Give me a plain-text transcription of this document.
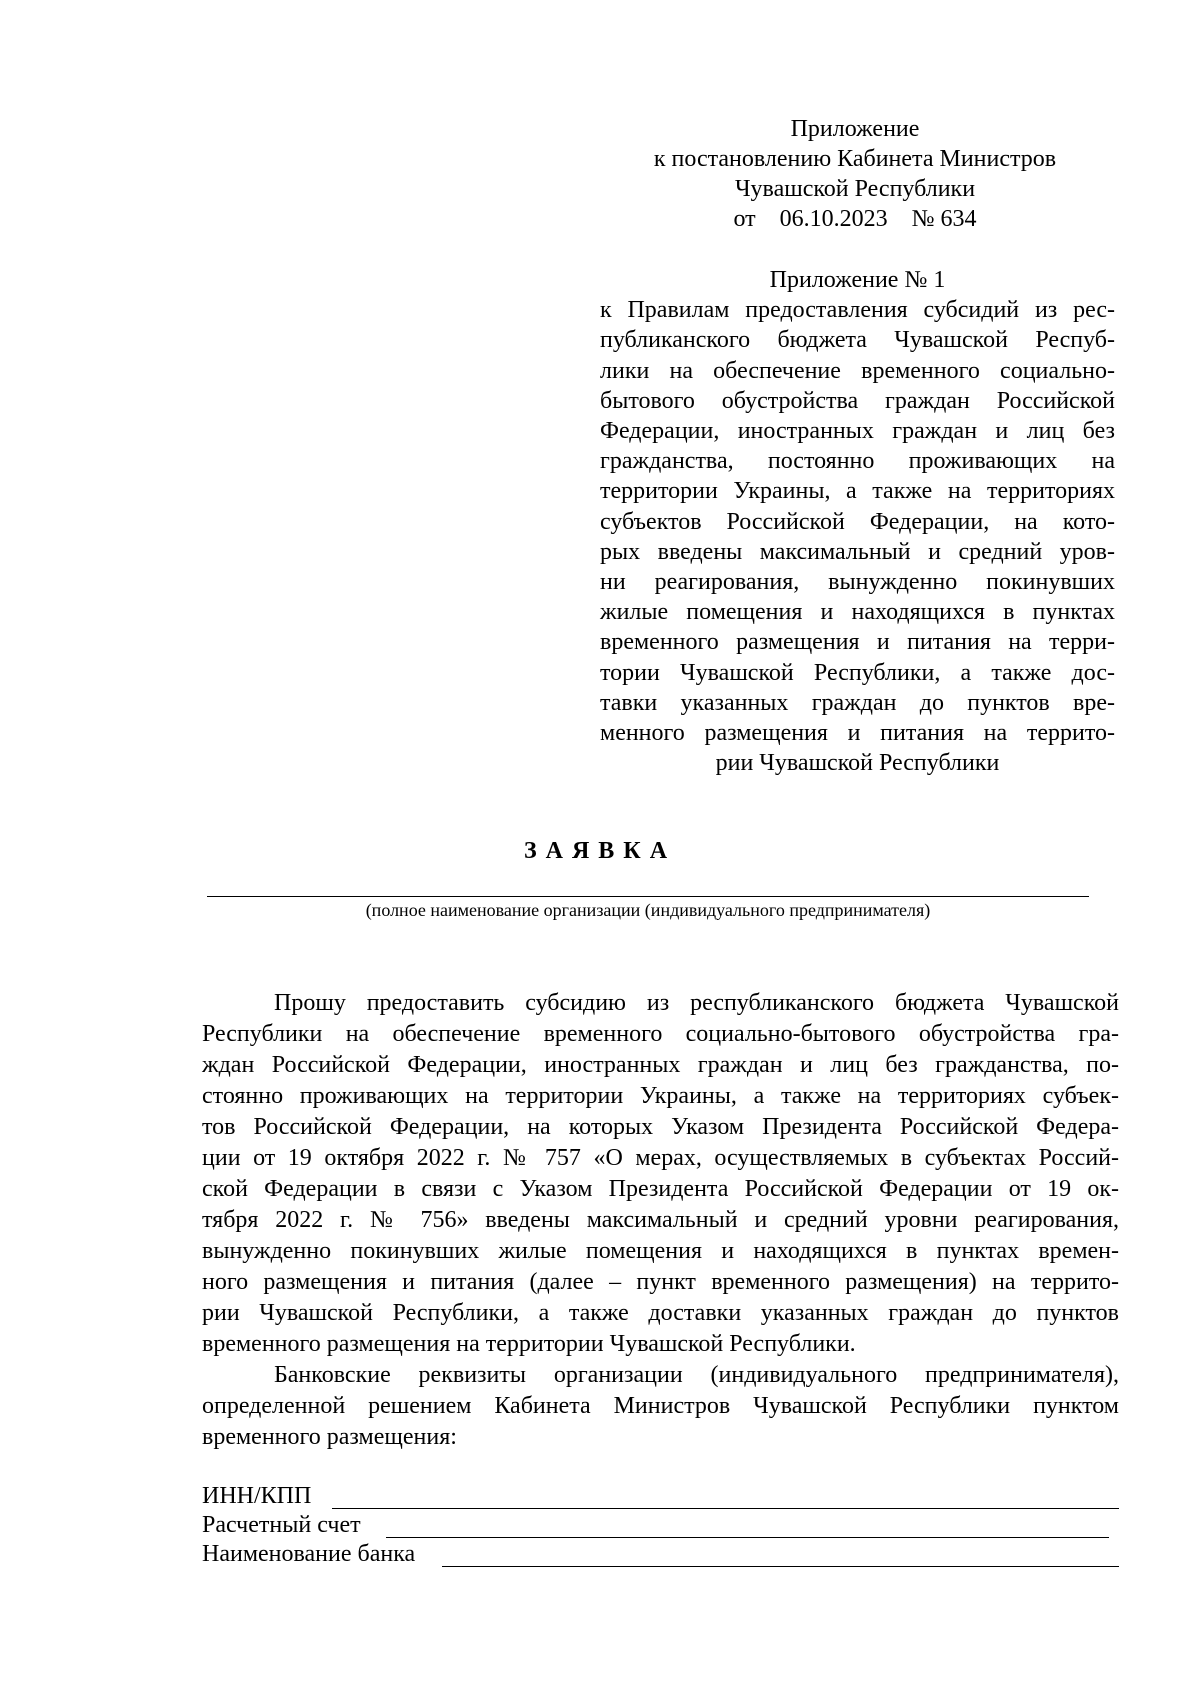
Приложение
к постановлению Кабинета Министров
Чувашской Республики
от 06.10.2023 № 634
Приложение № 1
к Правилам предоставления субсидий из рес-
публиканского бюджета Чувашской Респуб-
лики на обеспечение временного социально-
бытового обустройства граждан Российской
Федерации, иностранных граждан и лиц без
гражданства, постоянно проживающих на
территории Украины, а также на территориях
субъектов Российской Федерации, на кото-
рых введены максимальный и средний уров-
ни реагирования, вынужденно покинувших
жилые помещения и находящихся в пунктах
временного размещения и питания на терри-
тории Чувашской Республики, а также дос-
тавки указанных граждан до пунктов вре-
менного размещения и питания на террито-
рии Чувашской Республики
ЗАЯВКА
(полное наименование организации (индивидуального предпринимателя)
Прошу предоставить субсидию из республиканского бюджета Чувашской
Республики на обеспечение временного социально-бытового обустройства гра-
ждан Российской Федерации, иностранных граждан и лиц без гражданства, по-
стоянно проживающих на территории Украины, а также на территориях субъек-
тов Российской Федерации, на которых Указом Президента Российской Федера-
ции от 19 октября 2022 г. № 757 «О мерах, осуществляемых в субъектах Россий-
ской Федерации в связи с Указом Президента Российской Федерации от 19 ок-
тября 2022 г. № 756» введены максимальный и средний уровни реагирования,
вынужденно покинувших жилые помещения и находящихся в пунктах времен-
ного размещения и питания (далее – пункт временного размещения) на террито-
рии Чувашской Республики, а также доставки указанных граждан до пунктов
временного размещения на территории Чувашской Республики.
Банковские реквизиты организации (индивидуального предпринимателя),
определенной решением Кабинета Министров Чувашской Республики пунктом
временного размещения:
ИНН/КПП
Расчетный счет
Наименование банка
